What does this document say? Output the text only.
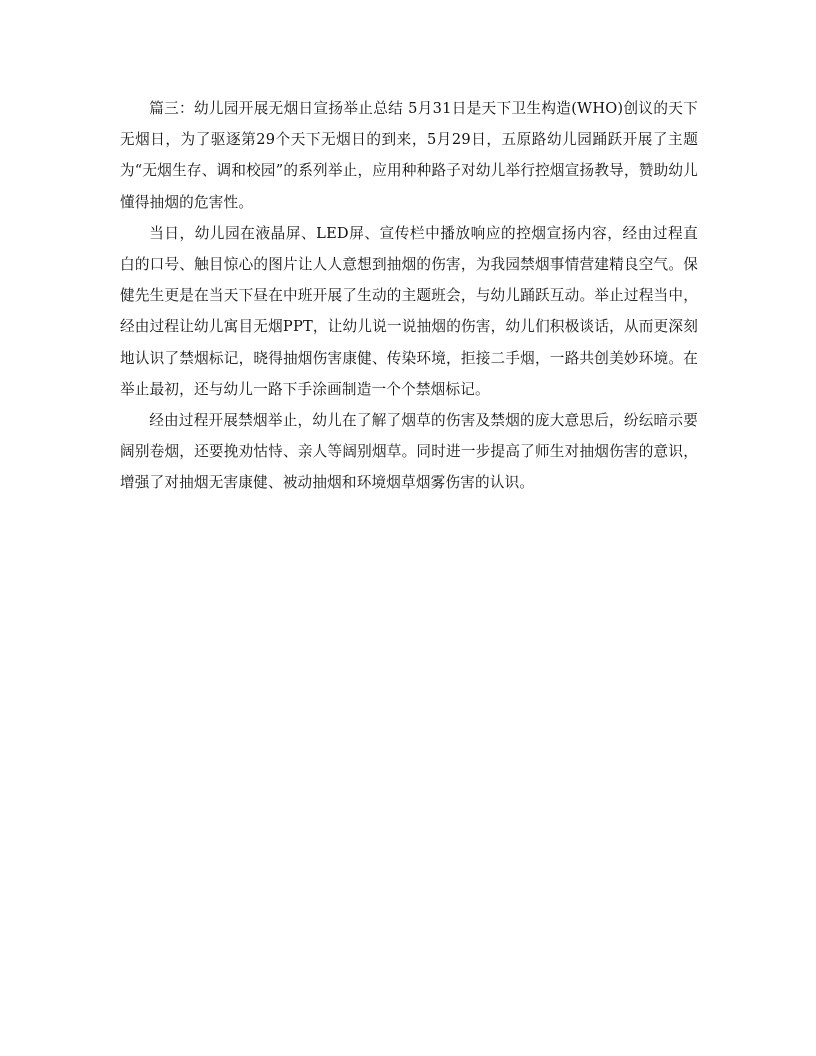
篇三：幼儿园开展无烟日宣扬举止总结 5月31日是天下卫生构造(WHO)创议的天下无烟日，为了驱逐第29个天下无烟日的到来，5月29日，五原路幼儿园踊跃开展了主题为“无烟生存、调和校园”的系列举止，应用种种路子对幼儿举行控烟宣扬教导，赞助幼儿懂得抽烟的危害性。

当日，幼儿园在液晶屏、LED屏、宣传栏中播放响应的控烟宣扬内容，经由过程直白的口号、触目惊心的图片让人人意想到抽烟的伤害，为我园禁烟事情营建精良空气。保健先生更是在当天下昼在中班开展了生动的主题班会，与幼儿踊跃互动。举止过程当中，经由过程让幼儿寓目无烟PPT，让幼儿说一说抽烟的伤害，幼儿们积极谈话，从而更深刻地认识了禁烟标记，晓得抽烟伤害康健、传染环境，拒接二手烟，一路共创美妙环境。在举止最初，还与幼儿一路下手涂画制造一个个禁烟标记。

经由过程开展禁烟举止，幼儿在了解了烟草的伤害及禁烟的庞大意思后，纷纭暗示要阔别卷烟，还要挽劝怙恃、亲人等阔别烟草。同时进一步提高了师生对抽烟伤害的意识，增强了对抽烟无害康健、被动抽烟和环境烟草烟雾伤害的认识。
